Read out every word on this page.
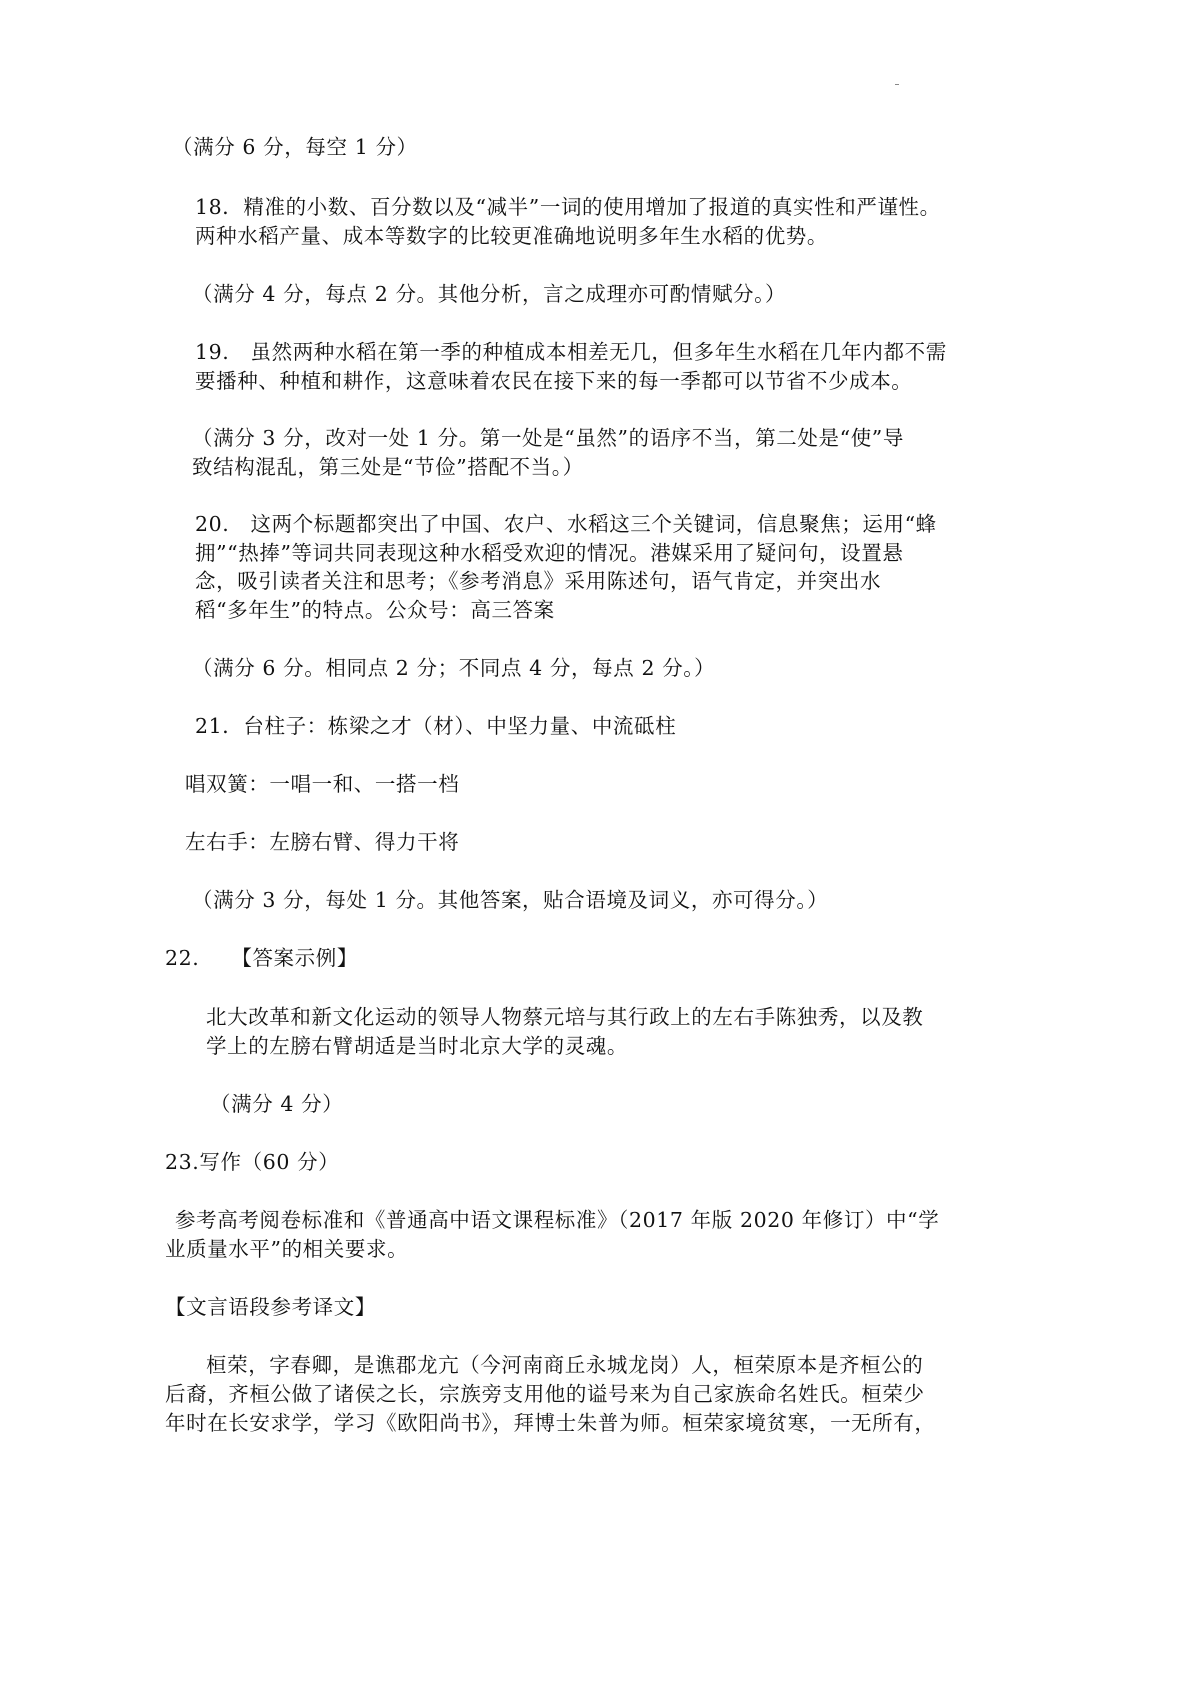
（满分 6 分，每空 1 分）
18．精准的小数、百分数以及“减半”一词的使用增加了报道的真实性和严谨性。
两种水稻产量、成本等数字的比较更准确地说明多年生水稻的优势。
（满分 4 分，每点 2 分。其他分析，言之成理亦可酌情赋分。）
19.　虽然两种水稻在第一季的种植成本相差无几，但多年生水稻在几年内都不需
要播种、种植和耕作，这意味着农民在接下来的每一季都可以节省不少成本。
（满分 3 分，改对一处 1 分。第一处是“虽然”的语序不当，第二处是“使”导
致结构混乱，第三处是“节俭”搭配不当。）
20.　这两个标题都突出了中国、农户、水稻这三个关键词，信息聚焦；运用“蜂
拥”“热捧”等词共同表现这种水稻受欢迎的情况。港媒采用了疑问句，设置悬
念，吸引读者关注和思考；《参考消息》采用陈述句，语气肯定，并突出水
稻“多年生”的特点。公众号：高三答案
（满分 6 分。相同点 2 分；不同点 4 分，每点 2 分。）
21．台柱子：栋梁之才（材）、中坚力量、中流砥柱
唱双簧：一唱一和、一搭一档
左右手：左膀右臂、得力干将
（满分 3 分，每处 1 分。其他答案，贴合语境及词义，亦可得分。）
22.　　【答案示例】
北大改革和新文化运动的领导人物蔡元培与其行政上的左右手陈独秀，以及教
学上的左膀右臂胡适是当时北京大学的灵魂。
（满分 4 分）
23.写作（60 分）
参考高考阅卷标准和《普通高中语文课程标准》（2017 年版 2020 年修订）中“学
业质量水平”的相关要求。
【文言语段参考译文】
桓荣，字春卿，是谯郡龙亢（今河南商丘永城龙岗）人，桓荣原本是齐桓公的
后裔，齐桓公做了诸侯之长，宗族旁支用他的谥号来为自己家族命名姓氏。桓荣少
年时在长安求学，学习《欧阳尚书》，拜博士朱普为师。桓荣家境贫寒，一无所有，
